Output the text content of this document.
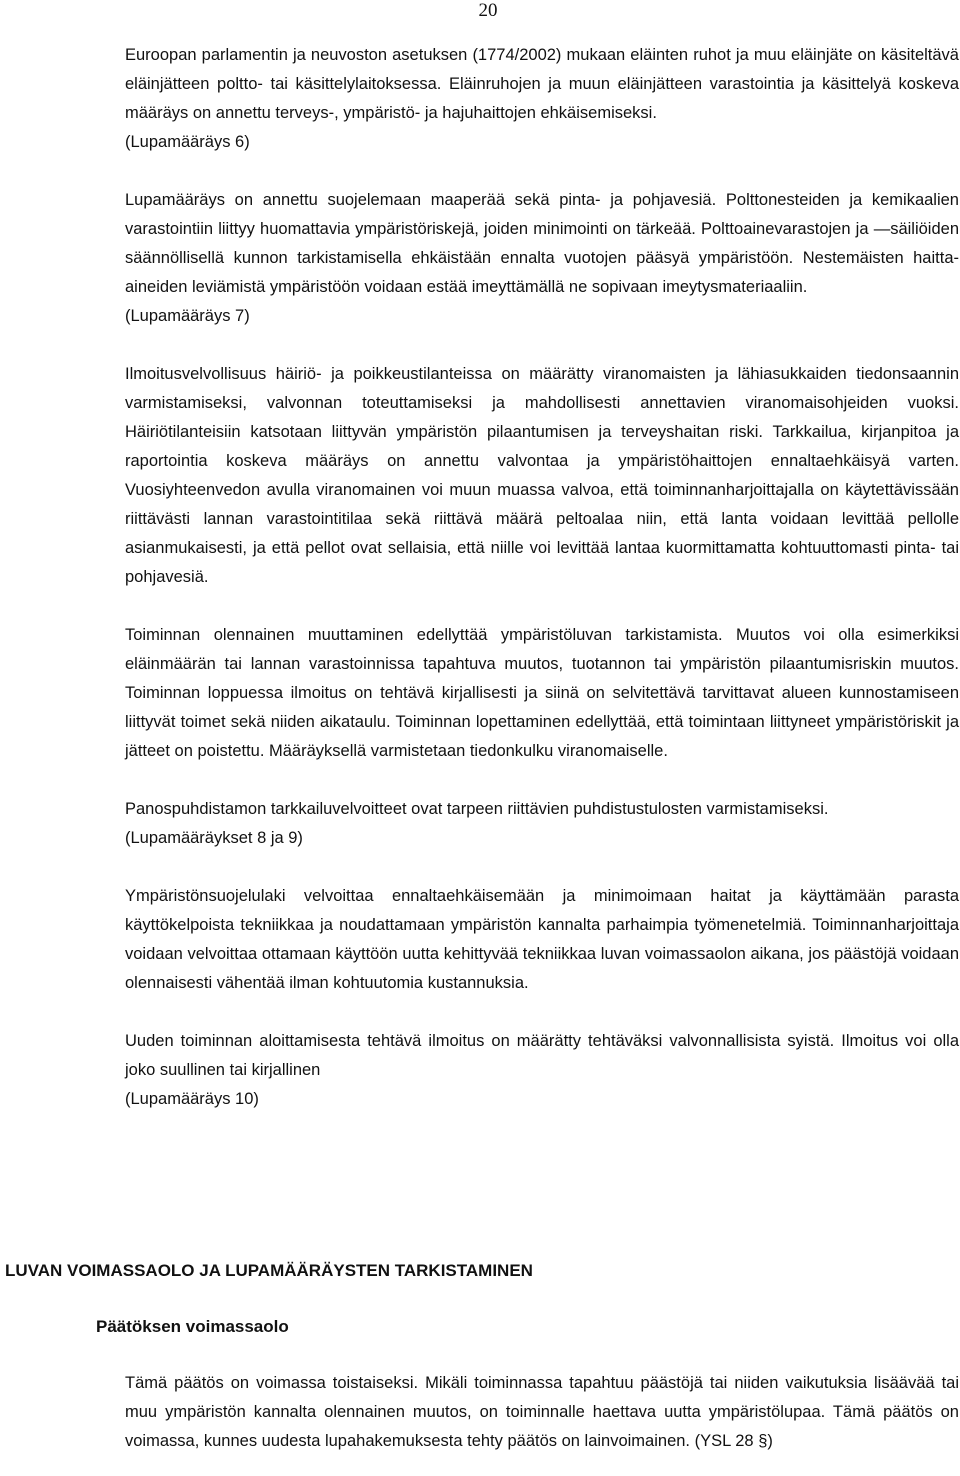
20

Euroopan parlamentin ja neuvoston asetuksen (1774/2002) mukaan eläinten ruhot ja muu eläinjäte on käsiteltävä eläinjätteen poltto- tai käsittelylaitoksessa. Eläinruhojen ja muun eläinjätteen varastointia ja käsittelyä koskeva määräys on annettu terveys-, ympäristö- ja hajuhaittojen ehkäisemiseksi.

(Lupamääräys 6)

Lupamääräys on annettu suojelemaan maaperää sekä pinta- ja pohjavesiä. Polttonesteiden ja kemikaalien varastointiin liittyy huomattavia ympäristöriskejä, joiden minimointi on tärkeää. Polttoainevarastojen ja —säiliöiden säännöllisellä kunnon tarkistamisella ehkäistään ennalta vuotojen pääsyä ympäristöön. Nestemäisten haitta-aineiden leviämistä ympäristöön voidaan estää imeyttämällä ne sopivaan imeytysmateriaaliin.

(Lupamääräys 7)

Ilmoitusvelvollisuus häiriö- ja poikkeustilanteissa on määrätty viranomaisten ja lähiasukkaiden tiedonsaannin varmistamiseksi, valvonnan toteuttamiseksi ja mahdollisesti annettavien viranomaisohjeiden vuoksi. Häiriötilanteisiin katsotaan liittyvän ympäristön pilaantumisen ja terveyshaitan riski. Tarkkailua, kirjanpitoa ja raportointia koskeva määräys on annettu valvontaa ja ympäristöhaittojen ennaltaehkäisyä varten. Vuosiyhteenvedon avulla viranomainen voi muun muassa valvoa, että toiminnanharjoittajalla on käytettävissään riittävästi lannan varastointitilaa sekä riittävä määrä peltoalaa niin, että lanta voidaan levittää pellolle asianmukaisesti, ja että pellot ovat sellaisia, että niille voi levittää lantaa kuormittamatta kohtuuttomasti pinta- tai pohjavesiä.

Toiminnan olennainen muuttaminen edellyttää ympäristöluvan tarkistamista. Muutos voi olla esimerkiksi eläinmäärän tai lannan varastoinnissa tapahtuva muutos, tuotannon tai ympäristön pilaantumisriskin muutos. Toiminnan loppuessa ilmoitus on tehtävä kirjallisesti ja siinä on selvitettävä tarvittavat alueen kunnostamiseen liittyvät toimet sekä niiden aikataulu. Toiminnan lopettaminen edellyttää, että toimintaan liittyneet ympäristöriskit ja jätteet on poistettu. Määräyksellä varmistetaan tiedonkulku viranomaiselle.

Panospuhdistamon tarkkailuvelvoitteet ovat tarpeen riittävien puhdistustulosten varmistamiseksi.

(Lupamääräykset 8 ja 9)

Ympäristönsuojelulaki velvoittaa ennaltaehkäisemään ja minimoimaan haitat ja käyttämään parasta käyttökelpoista tekniikkaa ja noudattamaan ympäristön kannalta parhaimpia työmenetelmiä. Toiminnanharjoittaja voidaan velvoittaa ottamaan käyttöön uutta kehittyvää tekniikkaa luvan voimassaolon aikana, jos päästöjä voidaan olennaisesti vähentää ilman kohtuutomia kustannuksia.

Uuden toiminnan aloittamisesta tehtävä ilmoitus on määrätty tehtäväksi valvonnallisista syistä. Ilmoitus voi olla joko suullinen tai kirjallinen

(Lupamääräys 10)

LUVAN VOIMASSAOLO JA LUPAMÄÄRÄYSTEN TARKISTAMINEN
Päätöksen voimassaolo

Tämä päätös on voimassa toistaiseksi. Mikäli toiminnassa tapahtuu päästöjä tai niiden vaikutuksia lisäävää tai muu ympäristön kannalta olennainen muutos, on toiminnalle haettava uutta ympäristölupaa. Tämä päätös on voimassa, kunnes uudesta lupahakemuksesta tehty päätös on lainvoimainen. (YSL 28 §)
